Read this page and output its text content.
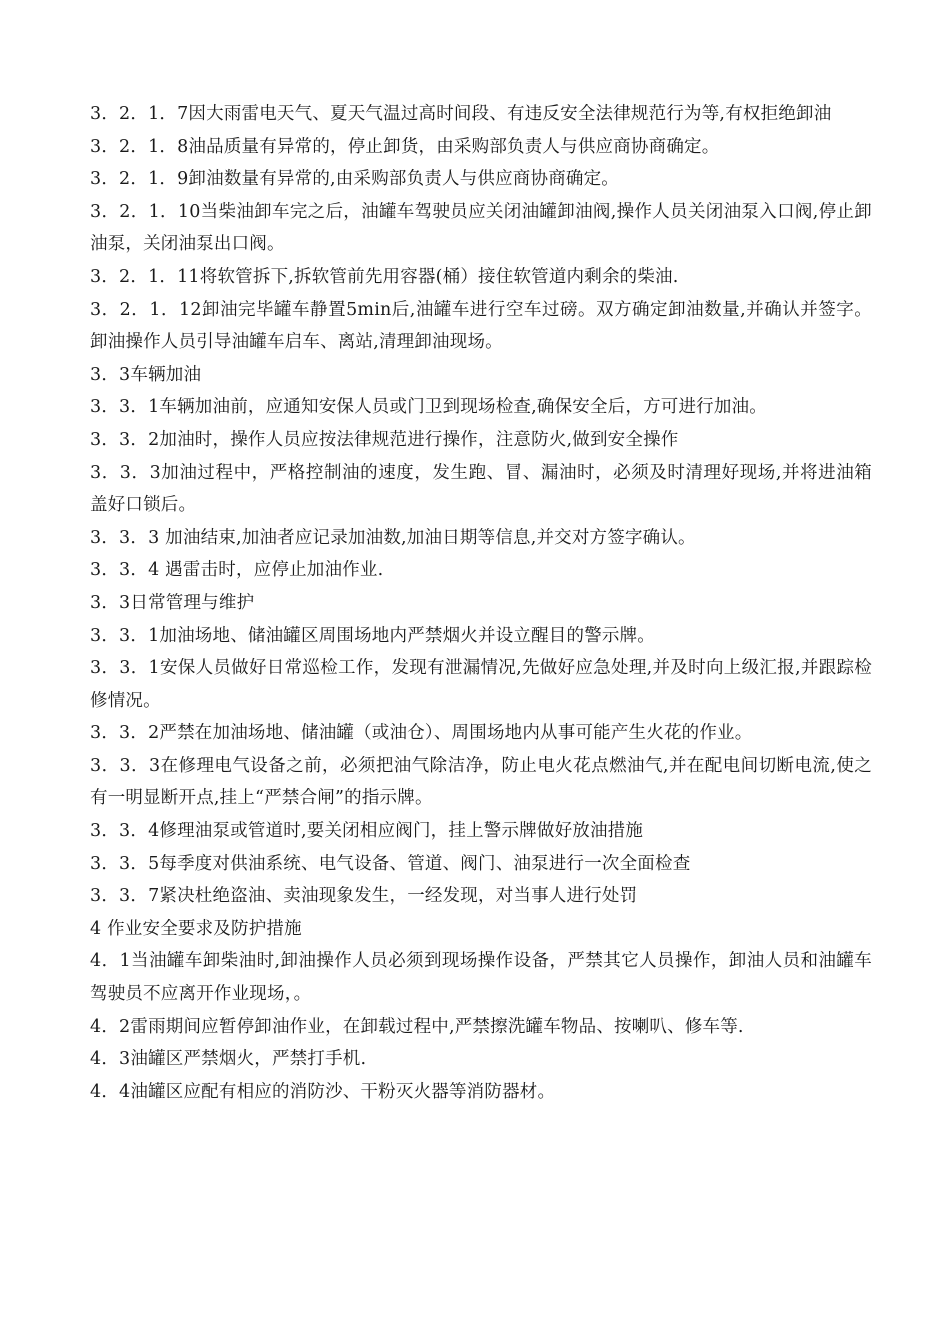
3．2．1．7因大雨雷电天气、夏天气温过高时间段、有违反安全法律规范行为等,有权拒绝卸油

3．2．1．8油品质量有异常的，停止卸货，由采购部负责人与供应商协商确定。

3．2．1．9卸油数量有异常的,由采购部负责人与供应商协商确定。

3．2．1．10当柴油卸车完之后，油罐车驾驶员应关闭油罐卸油阀,操作人员关闭油泵入口阀,停止卸油泵，关闭油泵出口阀。

3．2．1．11将软管拆下,拆软管前先用容器(桶）接住软管道内剩余的柴油.

3．2．1．12卸油完毕罐车静置5min后,油罐车进行空车过磅。双方确定卸油数量,并确认并签字。卸油操作人员引导油罐车启车、离站,清理卸油现场。

3．3车辆加油

3．3．1车辆加油前，应通知安保人员或门卫到现场检查,确保安全后，方可进行加油。

3．3．2加油时，操作人员应按法律规范进行操作，注意防火,做到安全操作

3．3．3加油过程中，严格控制油的速度，发生跑、冒、漏油时，必须及时清理好现场,并将进油箱盖好口锁后。

3．3．3 加油结束,加油者应记录加油数,加油日期等信息,并交对方签字确认。

3．3．4 遇雷击时，应停止加油作业.

3．3日常管理与维护

3．3．1加油场地、储油罐区周围场地内严禁烟火并设立醒目的警示牌。

3．3．1安保人员做好日常巡检工作，发现有泄漏情况,先做好应急处理,并及时向上级汇报,并跟踪检修情况。

3．3．2严禁在加油场地、储油罐（或油仓）、周围场地内从事可能产生火花的作业。

3．3．3在修理电气设备之前，必须把油气除洁净，防止电火花点燃油气,并在配电间切断电流,使之有一明显断开点,挂上“严禁合闸”的指示牌。

3．3．4修理油泵或管道时,要关闭相应阀门，挂上警示牌做好放油措施

3．3．5每季度对供油系统、电气设备、管道、阀门、油泵进行一次全面检查

3．3．7紧决杜绝盗油、卖油现象发生，一经发现，对当事人进行处罚

4 作业安全要求及防护措施

4．1当油罐车卸柴油时,卸油操作人员必须到现场操作设备，严禁其它人员操作，卸油人员和油罐车驾驶员不应离开作业现场，。

4．2雷雨期间应暂停卸油作业，在卸载过程中,严禁擦洗罐车物品、按喇叭、修车等.

4．3油罐区严禁烟火，严禁打手机.

4．4油罐区应配有相应的消防沙、干粉灭火器等消防器材。
